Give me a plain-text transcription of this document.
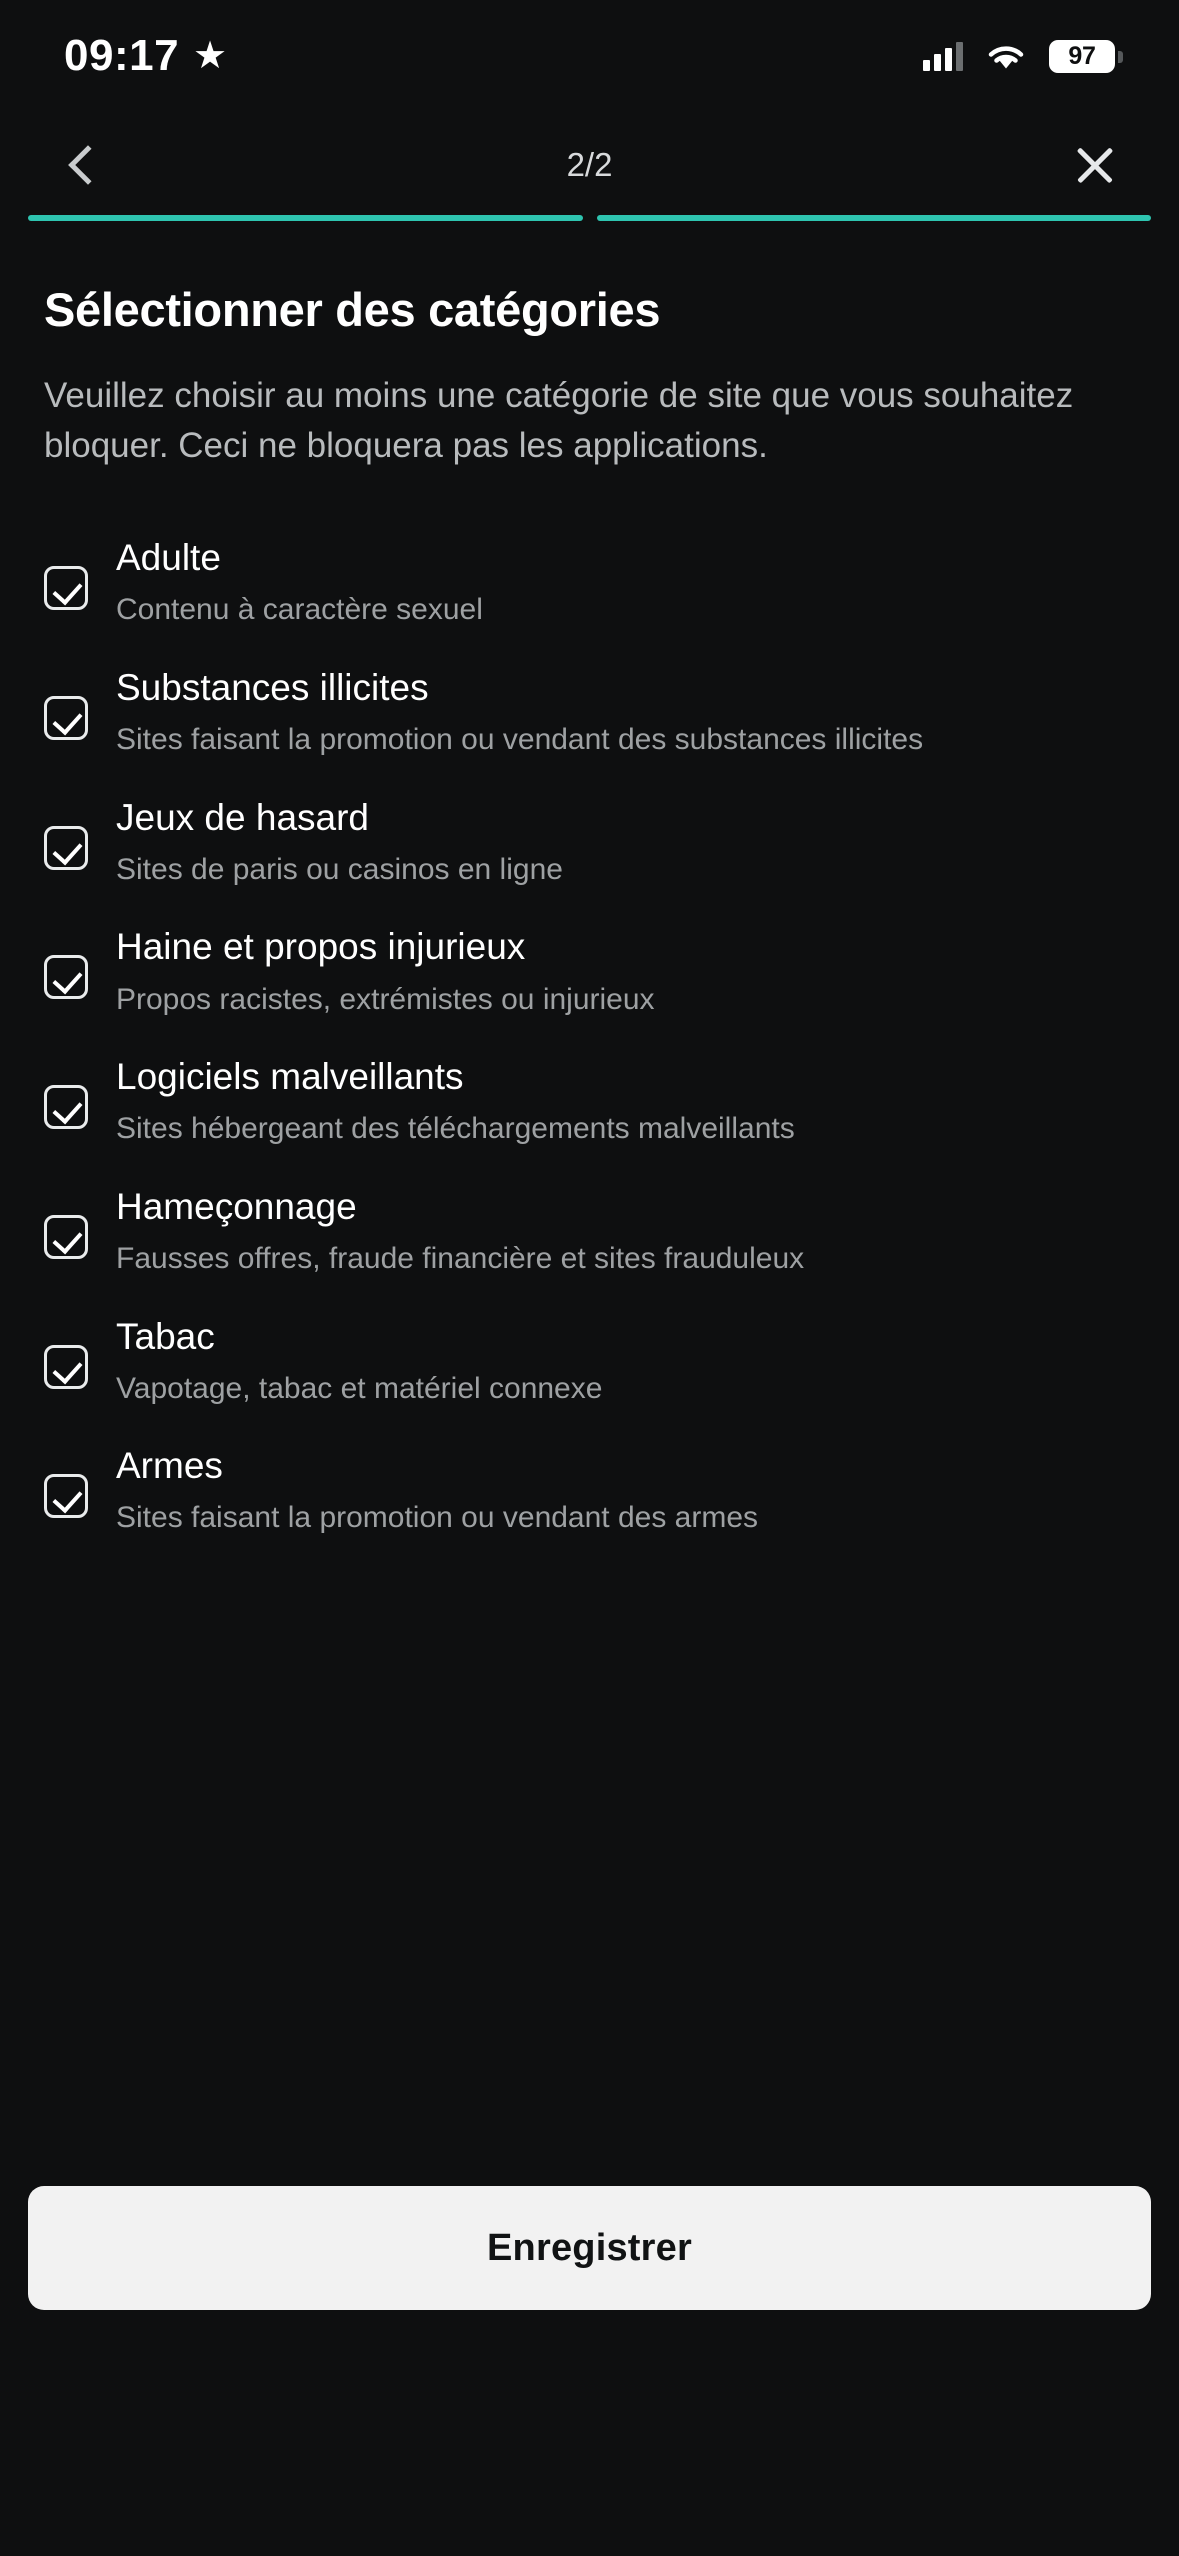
09:17 ★	97
2/2
Sélectionner des catégories

Veuillez choisir au moins une catégorie de site que vous souhaitez bloquer. Ceci ne bloquera pas les applications.

Adulte
Contenu à caractère sexuel
Substances illicites
Sites faisant la promotion ou vendant des substances illicites
Jeux de hasard
Sites de paris ou casinos en ligne
Haine et propos injurieux
Propos racistes, extrémistes ou injurieux
Logiciels malveillants
Sites hébergeant des téléchargements malveillants
Hameçonnage
Fausses offres, fraude financière et sites frauduleux
Tabac
Vapotage, tabac et matériel connexe
Armes
Sites faisant la promotion ou vendant des armes
Enregistrer
